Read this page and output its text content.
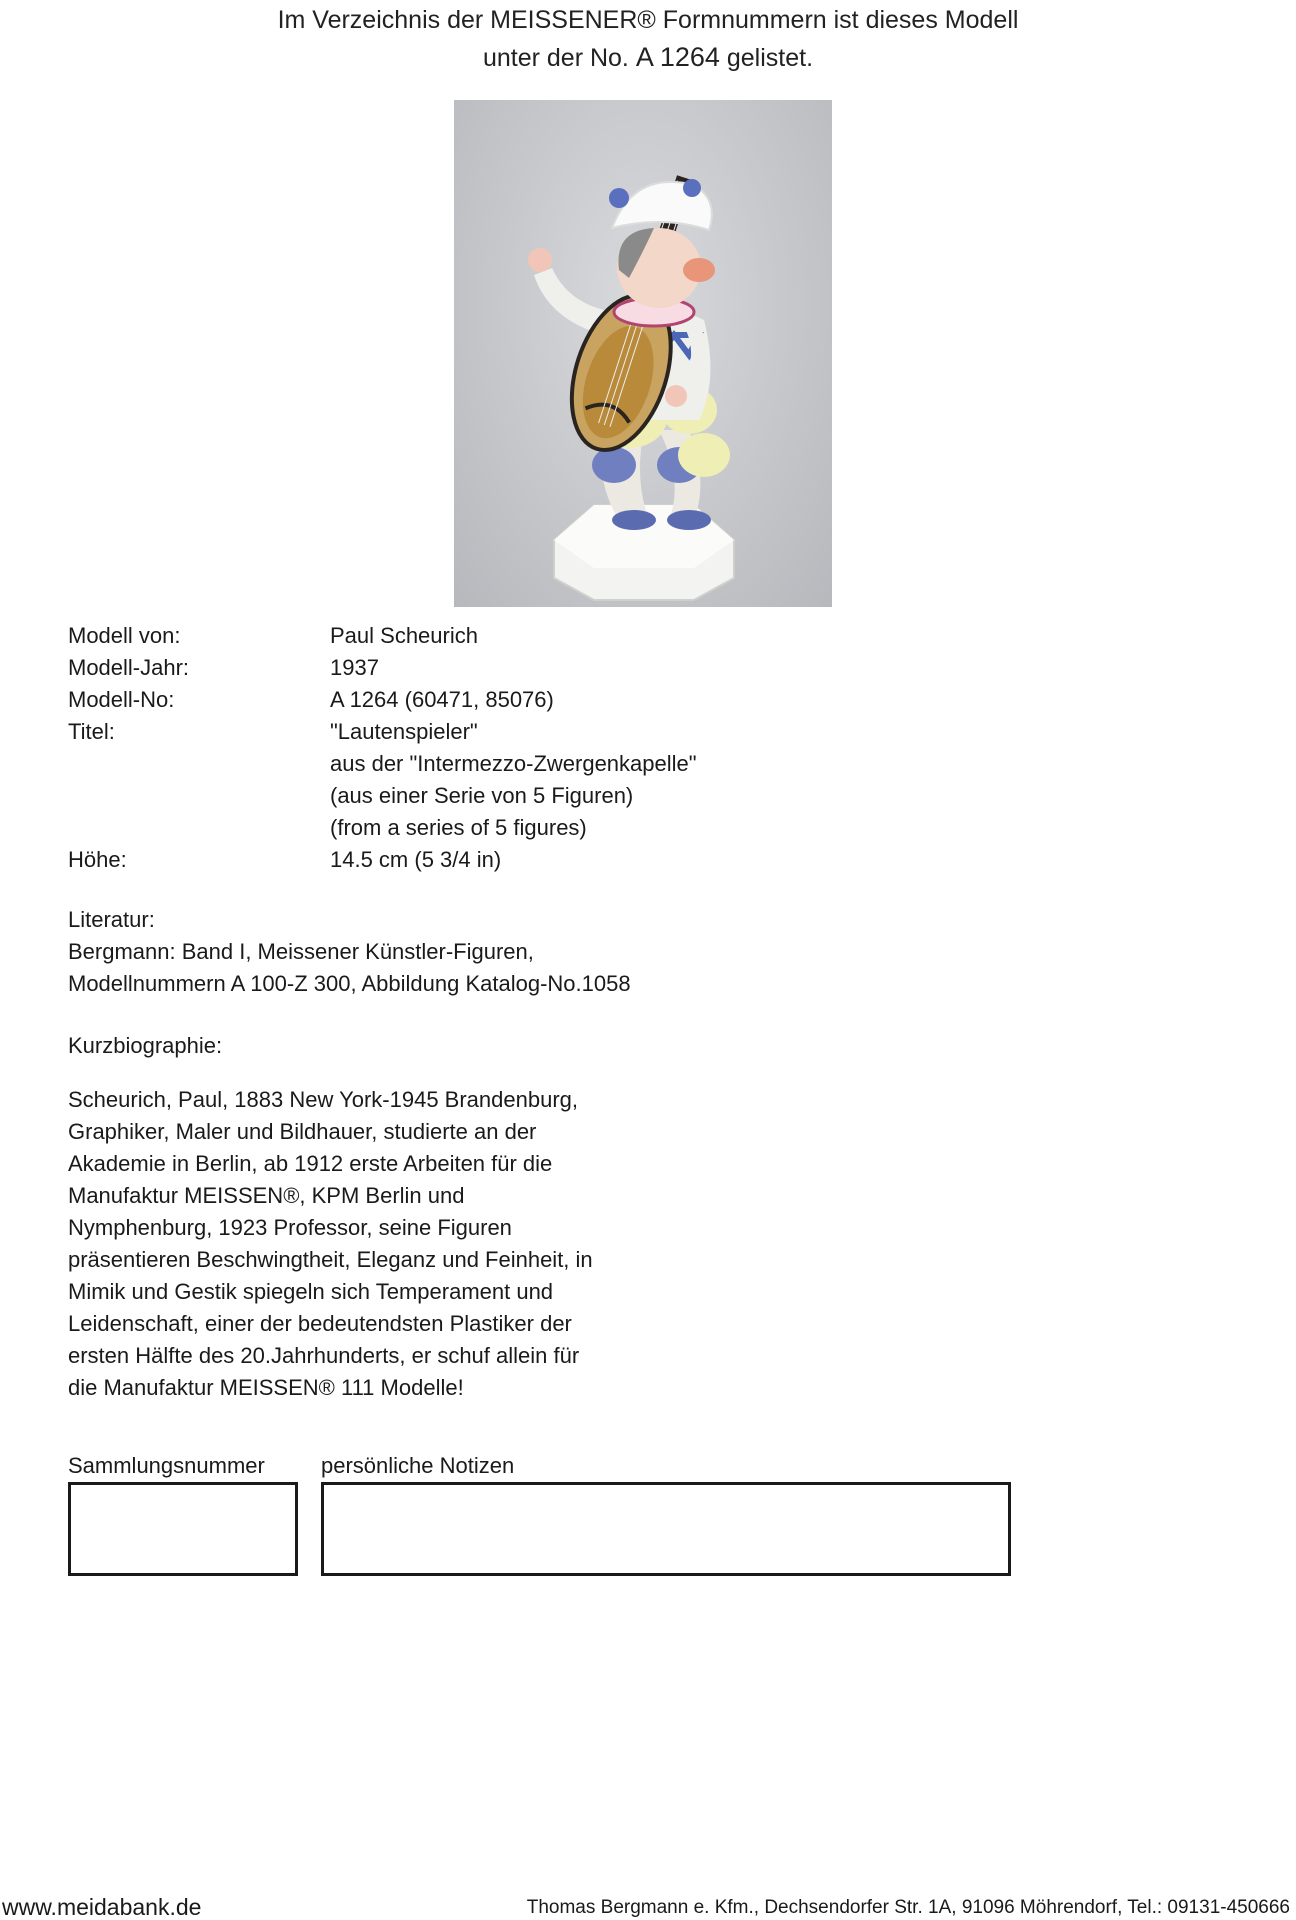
Im Verzeichnis der MEISSENER® Formnummern ist dieses Modell
unter der No. A 1264 gelistet.
Modell von:	Paul Scheurich
Modell-Jahr:	1937
Modell-No:	A 1264 (60471, 85076)
Titel:	"Lautenspieler"
aus der "Intermezzo-Zwergenkapelle"
(aus einer Serie von 5 Figuren)
(from a series of 5 figures)
Höhe:	14.5 cm (5 3/4 in)
Literatur:
Bergmann: Band I, Meissener Künstler-Figuren,
Modellnummern A 100-Z 300, Abbildung Katalog-No.1058
Kurzbiographie:
Scheurich, Paul, 1883 New York-1945 Brandenburg,
Graphiker, Maler und Bildhauer, studierte an der
Akademie in Berlin, ab 1912 erste Arbeiten für die
Manufaktur MEISSEN®, KPM Berlin und
Nymphenburg, 1923 Professor, seine Figuren
präsentieren Beschwingtheit, Eleganz und Feinheit, in
Mimik und Gestik spiegeln sich Temperament und
Leidenschaft, einer der bedeutendsten Plastiker der
ersten Hälfte des 20.Jahrhunderts, er schuf allein für
die Manufaktur MEISSEN® 111 Modelle!
Sammlungsnummer	persönliche Notizen
www.meidabank.de	Thomas Bergmann e. Kfm., Dechsendorfer Str. 1A, 91096 Möhrendorf, Tel.: 09131-450666
